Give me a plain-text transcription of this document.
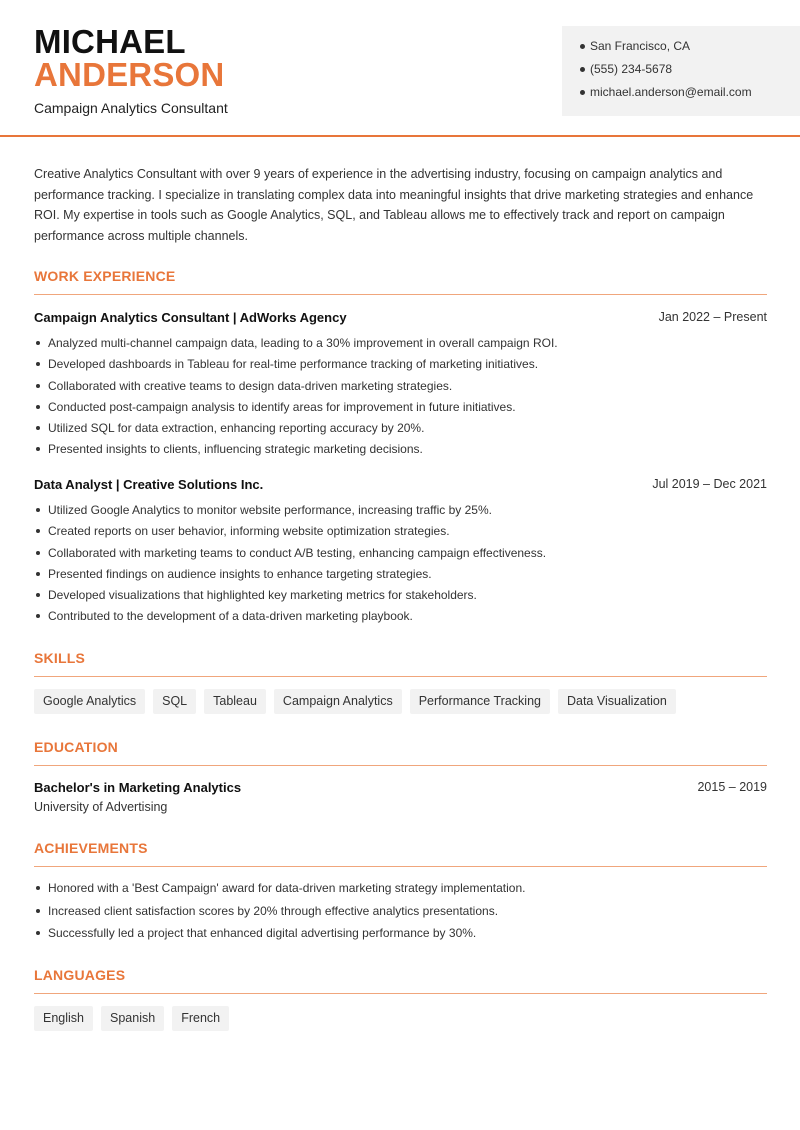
MICHAEL
ANDERSON
Campaign Analytics Consultant
San Francisco, CA
(555) 234-5678
michael.anderson@email.com
Creative Analytics Consultant with over 9 years of experience in the advertising industry, focusing on campaign analytics and performance tracking. I specialize in translating complex data into meaningful insights that drive marketing strategies and enhance ROI. My expertise in tools such as Google Analytics, SQL, and Tableau allows me to effectively track and report on campaign performance across multiple channels.
WORK EXPERIENCE
Campaign Analytics Consultant | AdWorks Agency	Jan 2022 – Present
Analyzed multi-channel campaign data, leading to a 30% improvement in overall campaign ROI.
Developed dashboards in Tableau for real-time performance tracking of marketing initiatives.
Collaborated with creative teams to design data-driven marketing strategies.
Conducted post-campaign analysis to identify areas for improvement in future initiatives.
Utilized SQL for data extraction, enhancing reporting accuracy by 20%.
Presented insights to clients, influencing strategic marketing decisions.
Data Analyst | Creative Solutions Inc.	Jul 2019 – Dec 2021
Utilized Google Analytics to monitor website performance, increasing traffic by 25%.
Created reports on user behavior, informing website optimization strategies.
Collaborated with marketing teams to conduct A/B testing, enhancing campaign effectiveness.
Presented findings on audience insights to enhance targeting strategies.
Developed visualizations that highlighted key marketing metrics for stakeholders.
Contributed to the development of a data-driven marketing playbook.
SKILLS
Google Analytics	SQL	Tableau	Campaign Analytics	Performance Tracking	Data Visualization
EDUCATION
Bachelor's in Marketing Analytics	2015 – 2019
University of Advertising
ACHIEVEMENTS
Honored with a 'Best Campaign' award for data-driven marketing strategy implementation.
Increased client satisfaction scores by 20% through effective analytics presentations.
Successfully led a project that enhanced digital advertising performance by 30%.
LANGUAGES
English	Spanish	French
